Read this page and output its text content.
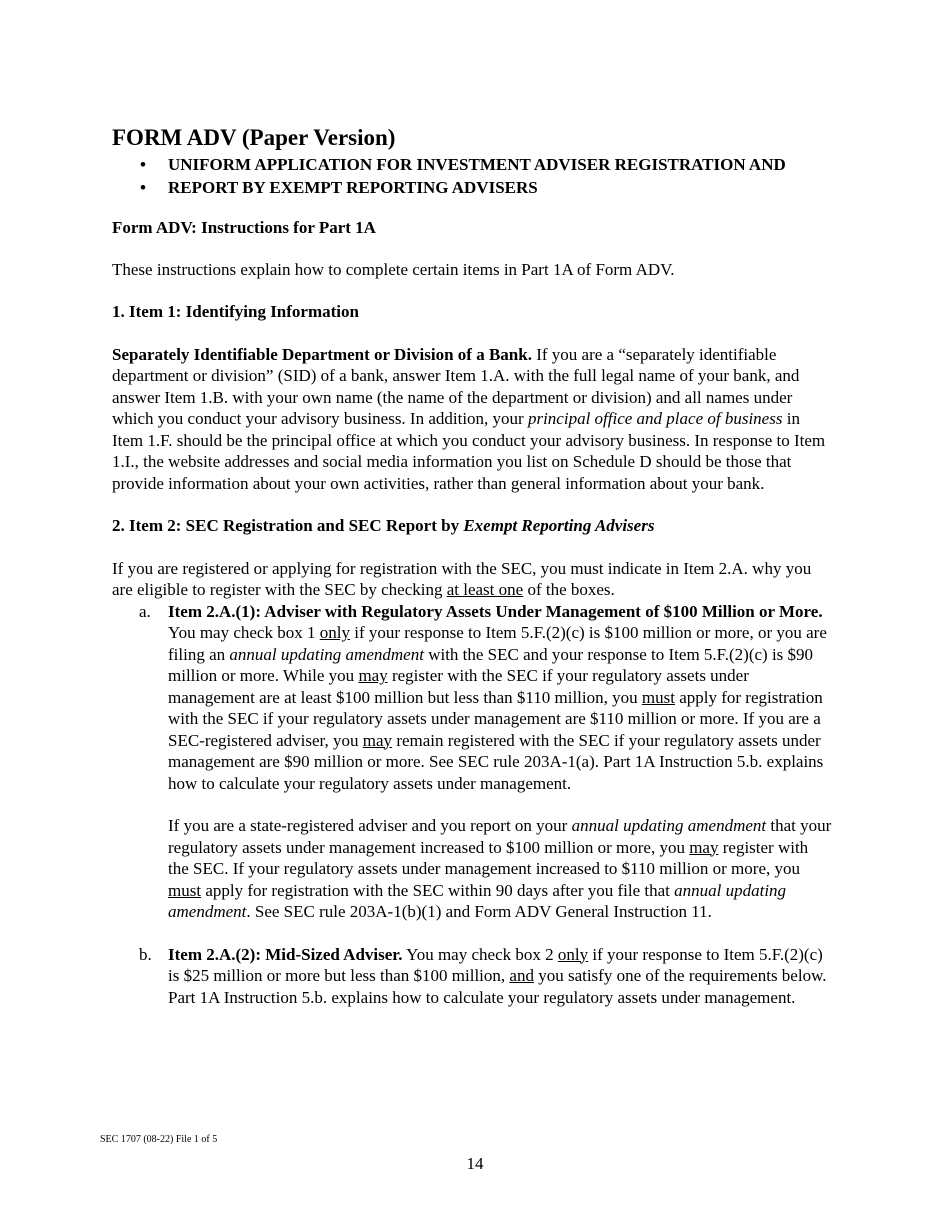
FORM ADV (Paper Version)
• UNIFORM APPLICATION FOR INVESTMENT ADVISER REGISTRATION AND
• REPORT BY EXEMPT REPORTING ADVISERS

Form ADV: Instructions for Part 1A

These instructions explain how to complete certain items in Part 1A of Form ADV.

1. Item 1: Identifying Information

Separately Identifiable Department or Division of a Bank. If you are a “separately identifiable department or division” (SID) of a bank, answer Item 1.A. with the full legal name of your bank, and answer Item 1.B. with your own name (the name of the department or division) and all names under which you conduct your advisory business. In addition, your principal office and place of business in Item 1.F. should be the principal office at which you conduct your advisory business. In response to Item 1.I., the website addresses and social media information you list on Schedule D should be those that provide information about your own activities, rather than general information about your bank.

2. Item 2: SEC Registration and SEC Report by Exempt Reporting Advisers

If you are registered or applying for registration with the SEC, you must indicate in Item 2.A. why you are eligible to register with the SEC by checking at least one of the boxes.

a. Item 2.A.(1): Adviser with Regulatory Assets Under Management of $100 Million or More. You may check box 1 only if your response to Item 5.F.(2)(c) is $100 million or more, or you are filing an annual updating amendment with the SEC and your response to Item 5.F.(2)(c) is $90 million or more. While you may register with the SEC if your regulatory assets under management are at least $100 million but less than $110 million, you must apply for registration with the SEC if your regulatory assets under management are $110 million or more. If you are a SEC-registered adviser, you may remain registered with the SEC if your regulatory assets under management are $90 million or more. See SEC rule 203A-1(a). Part 1A Instruction 5.b. explains how to calculate your regulatory assets under management.

If you are a state-registered adviser and you report on your annual updating amendment that your regulatory assets under management increased to $100 million or more, you may register with the SEC. If your regulatory assets under management increased to $110 million or more, you must apply for registration with the SEC within 90 days after you file that annual updating amendment. See SEC rule 203A-1(b)(1) and Form ADV General Instruction 11.

b. Item 2.A.(2): Mid-Sized Adviser. You may check box 2 only if your response to Item 5.F.(2)(c) is $25 million or more but less than $100 million, and you satisfy one of the requirements below. Part 1A Instruction 5.b. explains how to calculate your regulatory assets under management.

SEC 1707 (08-22) File 1 of 5
14
